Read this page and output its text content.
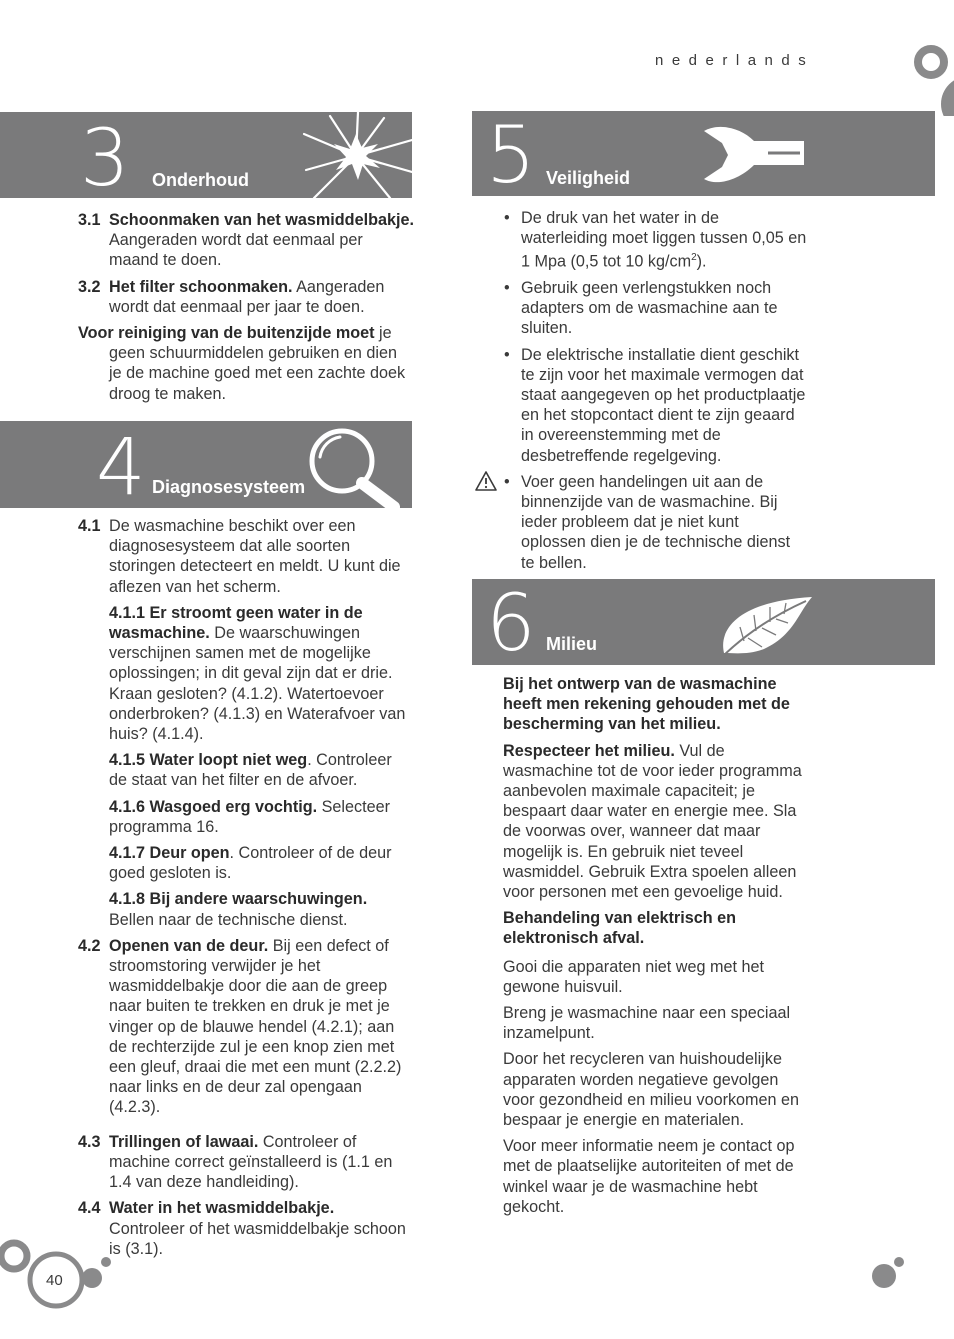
nederlands
3 Onderhoud
3.1 Schoonmaken van het wasmiddelbakje. Aangeraden wordt dat eenmaal per maand te doen.
3.2 Het filter schoonmaken. Aangeraden wordt dat eenmaal per jaar te doen.
Voor reiniging van de buitenzijde moet je geen schuurmiddelen gebruiken en dien je de machine goed met een zachte doek droog te maken.
4 Diagnosesysteem
4.1 De wasmachine beschikt over een diagnosesysteem dat alle soorten storingen detecteert en meldt. U kunt die aflezen van het scherm.
4.1.1 Er stroomt geen water in de wasmachine. De waarschuwingen verschijnen samen met de mogelijke oplossingen; in dit geval zijn dat er drie. Kraan gesloten? (4.1.2). Watertoevoer onderbroken? (4.1.3) en Waterafvoer van huis? (4.1.4).
4.1.5 Water loopt niet weg. Controleer de staat van het filter en de afvoer.
4.1.6 Wasgoed erg vochtig. Selecteer programma 16.
4.1.7 Deur open. Controleer of de deur goed gesloten is.
4.1.8 Bij andere waarschuwingen.
Bellen naar de technische dienst.
4.2 Openen van de deur. Bij een defect of stroomstoring verwijder je het wasmiddelbakje door die aan de greep naar buiten te trekken en druk je met je vinger op de blauwe hendel (4.2.1); aan de rechterzijde zul je een knop zien met een gleuf, draai die met een munt (2.2.2) naar links en de deur zal opengaan (4.2.3).
4.3 Trillingen of lawaai. Controleer of machine correct geïnstalleerd is (1.1 en 1.4 van deze handleiding).
4.4 Water in het wasmiddelbakje. Controleer of het wasmiddelbakje schoon is (3.1).
5 Veiligheid
• De druk van het water in de waterleiding moet liggen tussen 0,05 en 1 Mpa (0,5 tot 10 $kg/cm^2$).
• Gebruik geen verlengstukken noch adapters om de wasmachine aan te sluiten.
• De elektrische installatie dient geschikt te zijn voor het maximale vermogen dat staat aangegeven op het productplaatje en het stopcontact dient te zijn geaard in overeenstemming met de desbetreffende regelgeving.
• Voer geen handelingen uit aan de binnenzijde van de wasmachine. Bij ieder probleem dat je niet kunt oplossen dien je de technische dienst te bellen.
6 Milieu

Bij het ontwerp van de wasmachine heeft men rekening gehouden met de bescherming van het milieu.

Respecteer het milieu. Vul de wasmachine tot de voor ieder programma aanbevolen maximale capaciteit; je bespaart daar water en energie mee. Sla de voorwas over, wanneer dat maar mogelijk is. En gebruik niet teveel wasmiddel. Gebruik Extra spoelen alleen voor personen met een gevoelige huid.

Behandeling van elektrisch en elektronisch afval.

Gooi die apparaten niet weg met het gewone huisvuil.

Breng je wasmachine naar een speciaal inzamelpunt.

Door het recycleren van huishoudelijke apparaten worden negatieve gevolgen voor gezondheid en milieu voorkomen en bespaar je energie en materialen.

Voor meer informatie neem je contact op met de plaatselijke autoriteiten of met de winkel waar je de wasmachine hebt gekocht.

40
